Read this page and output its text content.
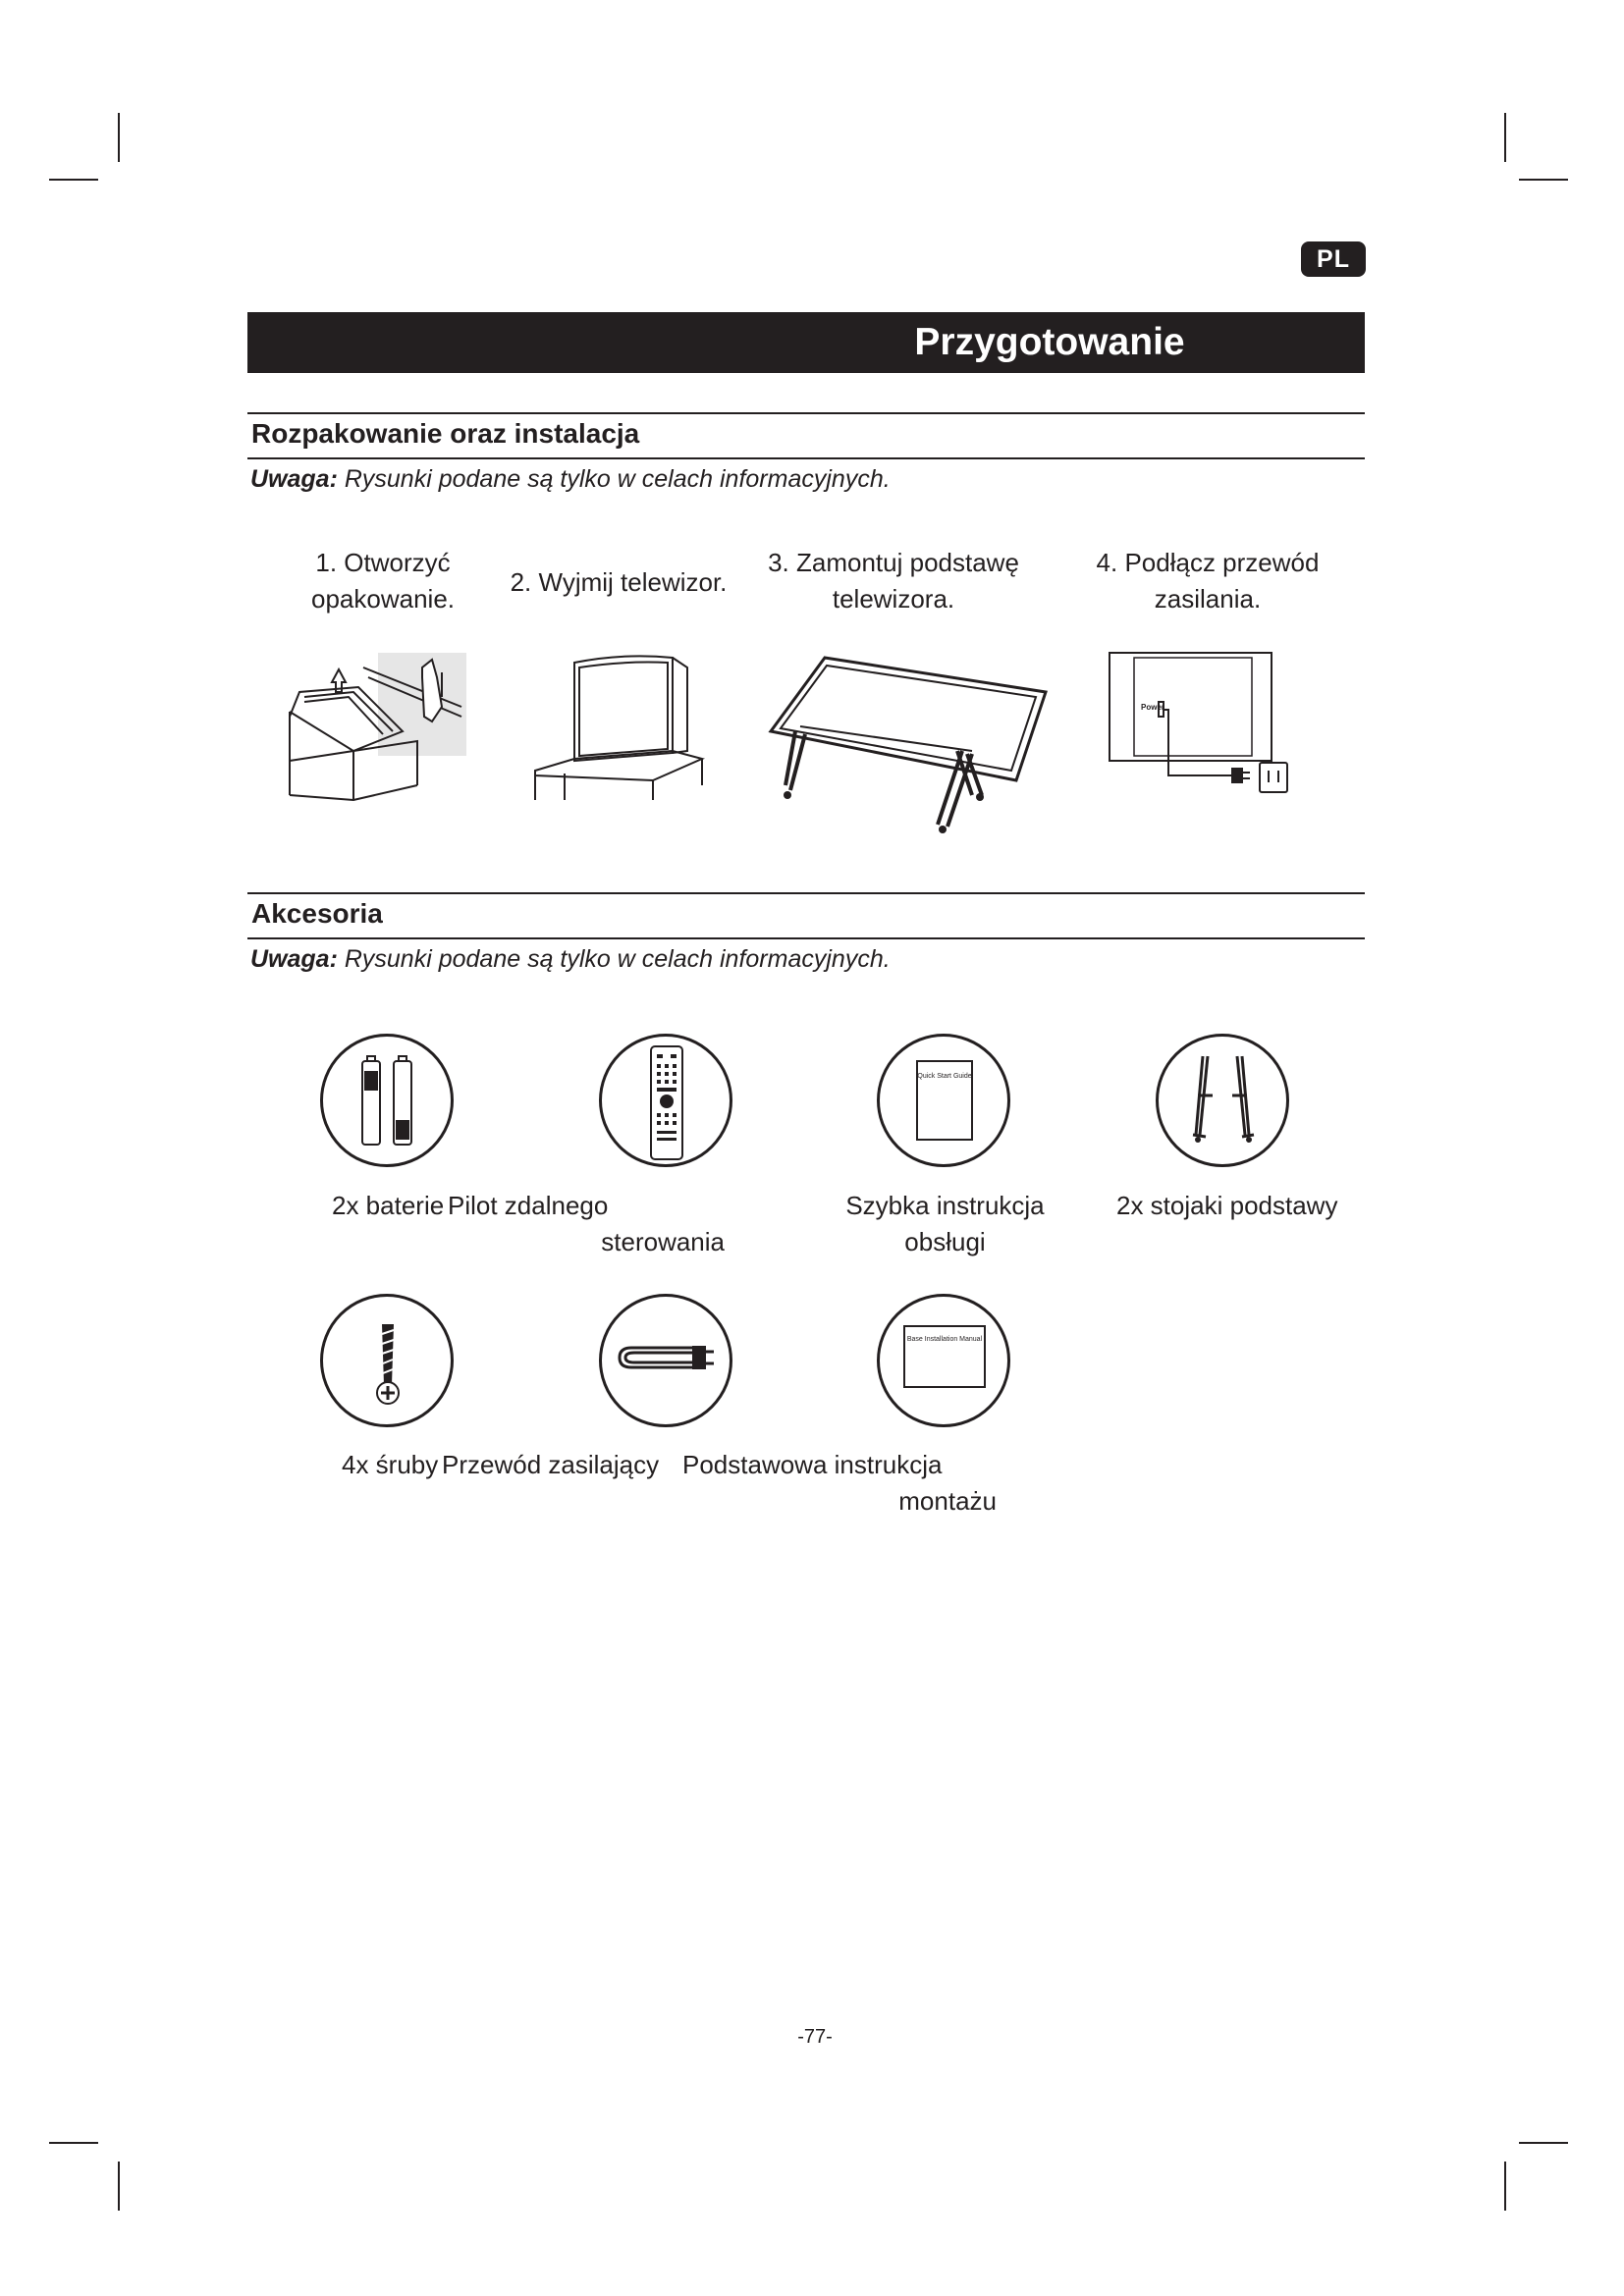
PL
Przygotowanie
Rozpakowanie oraz instalacja
Uwaga: Rysunki podane są tylko w celach informacyjnych.
1. Otworzyć
opakowanie.
2. Wyjmij telewizor.
3. Zamontuj podstawę
telewizora.
4. Podłącz przewód
zasilania.
Power
Akcesoria
Uwaga: Rysunki podane są tylko w celach informacyjnych.
Quick Start Guide
2x baterie Pilot zdalnego
sterowania
Szybka instrukcja
obsługi
2x stojaki podstawy
Base Installation Manual
4x śruby Przewód zasilający Podstawowa instrukcja
montażu
-77-
